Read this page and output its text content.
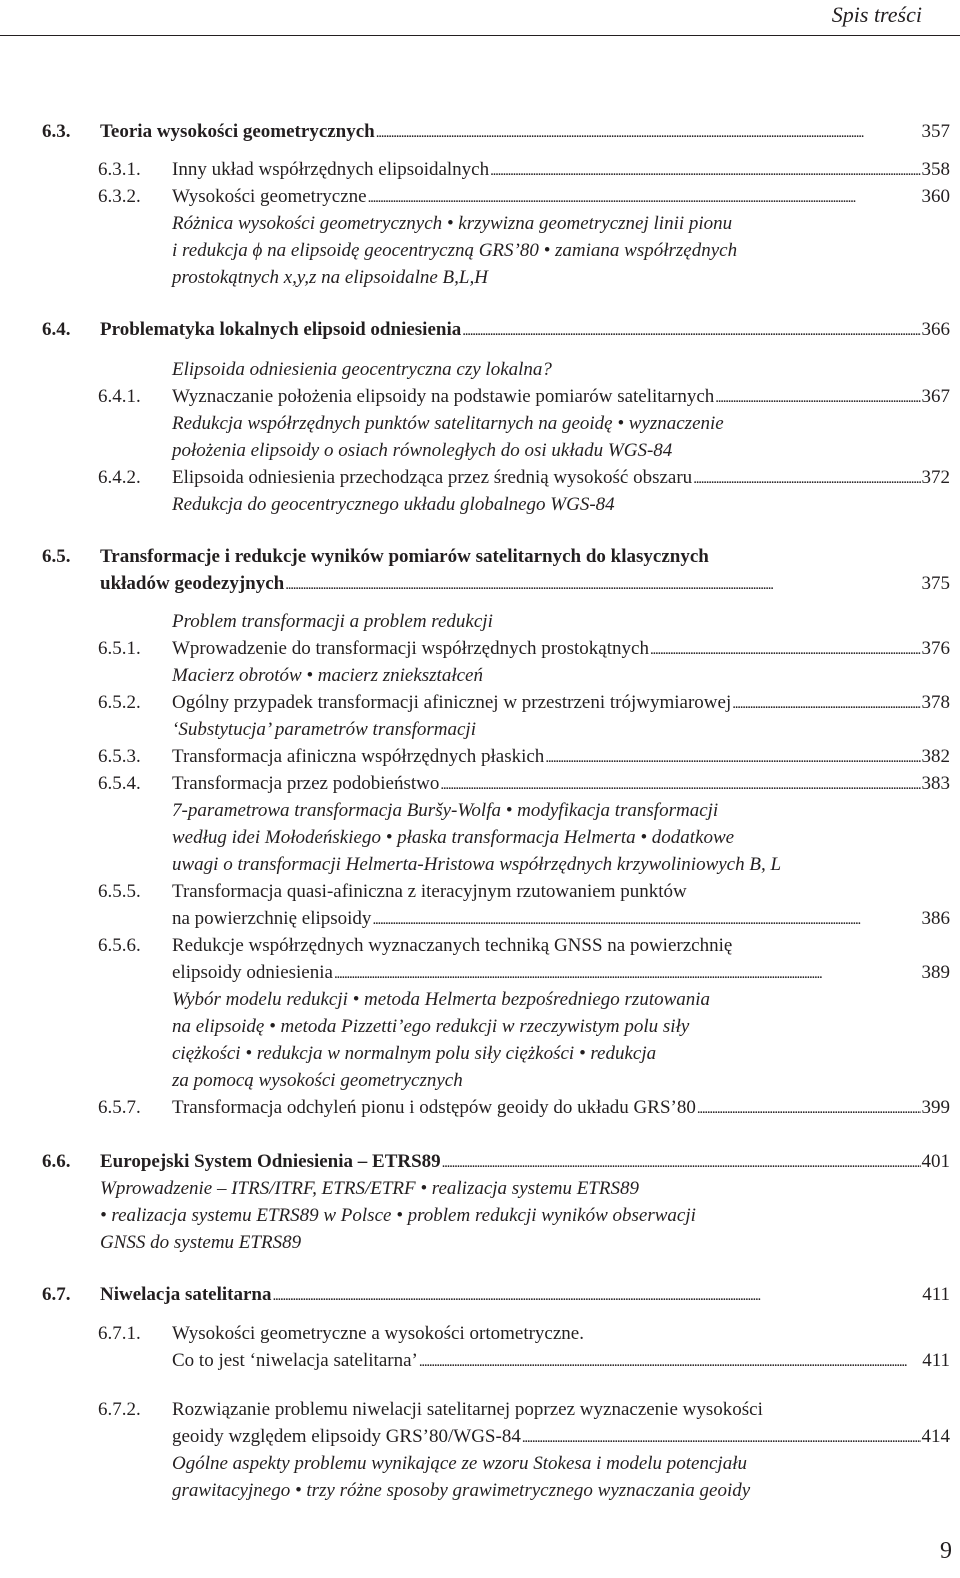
Spis treści
6.3. Teoria wysokości geometrycznych . . .	357
6.3.1. Inny układ współrzędnych elipsoidalnych . . .	358
6.3.2. Wysokości geometryczne . . .	360
Różnica wysokości geometrycznych • krzywizna geometrycznej linii pionu
i redukcja ϕ na elipsoidę geocentryczną GRS’80 • zamiana współrzędnych
prostokątnych x,y,z na elipsoidalne B,L,H
6.4. Problematyka lokalnych elipsoid odniesienia . . .	366
Elipsoida odniesienia geocentryczna czy lokalna?
6.4.1. Wyznaczanie położenia elipsoidy na podstawie pomiarów satelitarnych . . .	367
Redukcja współrzędnych punktów satelitarnych na geoidę • wyznaczenie
położenia elipsoidy o osiach równoległych do osi układu WGS-84
6.4.2. Elipsoida odniesienia przechodząca przez średnią wysokość obszaru . . .	372
Redukcja do geocentrycznego układu globalnego WGS-84
6.5. Transformacje i redukcje wyników pomiarów satelitarnych do klasycznych
układów geodezyjnych . . .	375
Problem transformacji a problem redukcji
6.5.1. Wprowadzenie do transformacji współrzędnych prostokątnych . . .	376
Macierz obrotów • macierz zniekształceń
6.5.2. Ogólny przypadek transformacji afinicznej w przestrzeni trójwymiarowej . . .	378
‘Substytucja’ parametrów transformacji
6.5.3. Transformacja afiniczna współrzędnych płaskich . . .	382
6.5.4. Transformacja przez podobieństwo . . .	383
7-parametrowa transformacja Buršy-Wolfa • modyfikacja transformacji
według idei Mołodeńskiego • płaska transformacja Helmerta • dodatkowe
uwagi o transformacji Helmerta-Hristowa współrzędnych krzywoliniowych B, L
6.5.5. Transformacja quasi-afiniczna z iteracyjnym rzutowaniem punktów
na powierzchnię elipsoidy . . .	386
6.5.6. Redukcje współrzędnych wyznaczanych techniką GNSS na powierzchnię
elipsoidy odniesienia . . .	389
Wybór modelu redukcji • metoda Helmerta bezpośredniego rzutowania
na elipsoidę • metoda Pizzetti’ego redukcji w rzeczywistym polu siły
ciężkości • redukcja w normalnym polu siły ciężkości • redukcja
za pomocą wysokości geometrycznych
6.5.7. Transformacja odchyleń pionu i odstępów geoidy do układu GRS’80 . . .	399
6.6. Europejski System Odniesienia – ETRS89 . . .	401
Wprowadzenie – ITRS/ITRF, ETRS/ETRF • realizacja systemu ETRS89
• realizacja systemu ETRS89 w Polsce • problem redukcji wyników obserwacji
GNSS do systemu ETRS89
6.7. Niwelacja satelitarna . . .	411
6.7.1. Wysokości geometryczne a wysokości ortometryczne.
Co to jest ‘niwelacja satelitarna’ . . .	411
6.7.2. Rozwiązanie problemu niwelacji satelitarnej poprzez wyznaczenie wysokości
geoidy względem elipsoidy GRS’80/WGS-84 . . .	414
Ogólne aspekty problemu wynikające ze wzoru Stokesa i modelu potencjału
grawitacyjnego • trzy różne sposoby grawimetrycznego wyznaczania geoidy
9
